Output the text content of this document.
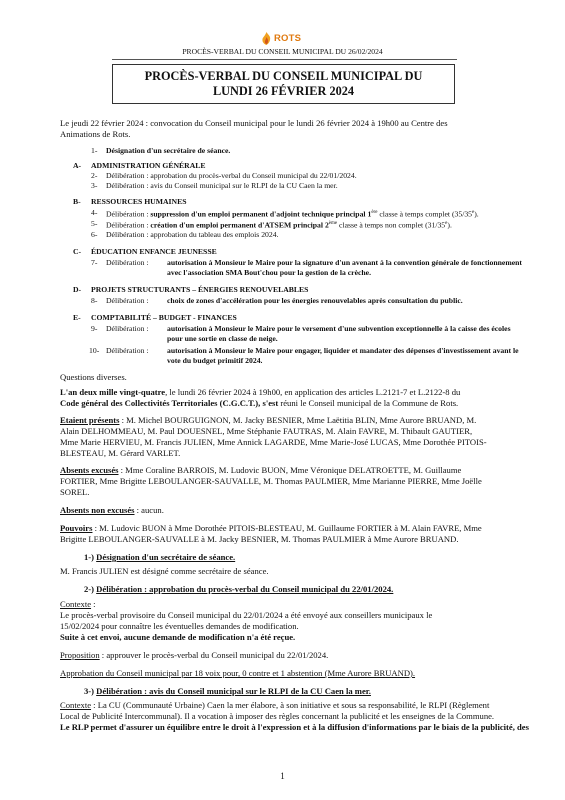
ROTS
PROCÈS-VERBAL DU CONSEIL MUNICIPAL DU 26/02/2024
PROCÈS-VERBAL DU CONSEIL MUNICIPAL DU
LUNDI 26 FÉVRIER 2024
Le jeudi 22 février 2024 : convocation du Conseil municipal pour le lundi 26 février 2024 à 19h00 au Centre des
Animations de Rots.
1- Désignation d'un secrétaire de séance.
A- ADMINISTRATION GÉNÉRALE
2- Délibération : approbation du procès-verbal du Conseil municipal du 22/01/2024.
3- Délibération : avis du Conseil municipal sur le RLPI de la CU Caen la mer.
B- RESSOURCES HUMAINES
4- Délibération : suppression d'un emploi permanent d'adjoint technique principal 1ère classe à temps complet (35/35e).
5- Délibération : création d'un emploi permanent d'ATSEM principal 2ème classe à temps non complet (31/35e).
6- Délibération : approbation du tableau des emplois 2024.
C- ÉDUCATION ENFANCE JEUNESSE
7- Délibération : autorisation à Monsieur le Maire pour la signature d'un avenant à la convention générale de fonctionnement
avec l'association SMA Bout'chou pour la gestion de la crèche.
D- PROJETS STRUCTURANTS – ÉNERGIES RENOUVELABLES
8- Délibération : choix de zones d'accélération pour les énergies renouvelables après consultation du public.
E- COMPTABILITÉ – BUDGET - FINANCES
9- Délibération : autorisation à Monsieur le Maire pour le versement d'une subvention exceptionnelle à la caisse des écoles
pour une sortie en classe de neige.
10- Délibération : autorisation à Monsieur le Maire pour engager, liquider et mandater des dépenses d'investissement avant le
vote du budget primitif 2024.
Questions diverses.
L'an deux mille vingt-quatre, le lundi 26 février 2024 à 19h00, en application des articles L.2121-7 et L.2122-8 du
Code général des Collectivités Territoriales (C.G.C.T.), s'est réuni le Conseil municipal de la Commune de Rots.
Etaient présents : M. Michel BOURGUIGNON, M. Jacky BESNIER, Mme Laëtitia BLIN, Mme Aurore BRUAND, M.
Alain DELHOMMEAU, M. Paul DOUESNEL, Mme Stéphanie FAUTRAS, M. Alain FAVRE, M. Thibault GAUTIER,
Mme Marie HERVIEU, M. Francis JULIEN, Mme Annick LAGARDE, Mme Marie-José LUCAS, Mme Dorothée PITOIS-
BLESTEAU, M. Gérard VARLET.
Absents excusés : Mme Coraline BARROIS, M. Ludovic BUON, Mme Véronique DELATROETTE, M. Guillaume
FORTIER, Mme Brigitte LEBOULANGER-SAUVALLE, M. Thomas PAULMIER, Mme Marianne PIERRE, Mme Joëlle
SOREL.
Absents non excusés : aucun.
Pouvoirs : M. Ludovic BUON à Mme Dorothée PITOIS-BLESTEAU, M. Guillaume FORTIER à M. Alain FAVRE, Mme
Brigitte LEBOULANGER-SAUVALLE à M. Jacky BESNIER, M. Thomas PAULMIER à Mme Aurore BRUAND.
1-) Désignation d'un secrétaire de séance.
M. Francis JULIEN est désigné comme secrétaire de séance.
2-) Délibération : approbation du procès-verbal du Conseil municipal du 22/01/2024.
Contexte :
Le procès-verbal provisoire du Conseil municipal du 22/01/2024 a été envoyé aux conseillers municipaux le
15/02/2024 pour connaître les éventuelles demandes de modification.
Suite à cet envoi, aucune demande de modification n'a été reçue.
Proposition : approuver le procès-verbal du Conseil municipal du 22/01/2024.
Approbation du Conseil municipal par 18 voix pour, 0 contre et 1 abstention (Mme Aurore BRUAND).
3-) Délibération : avis du Conseil municipal sur le RLPI de la CU Caen la mer.
Contexte : La CU (Communauté Urbaine) Caen la mer élabore, à son initiative et sous sa responsabilité, le RLPI (Règlement
Local de Publicité Intercommunal). Il a vocation à imposer des règles concernant la publicité et les enseignes de la Commune.
Le RLP permet d'assurer un équilibre entre le droit à l'expression et à la diffusion d'informations par le biais de la publicité, des
1
